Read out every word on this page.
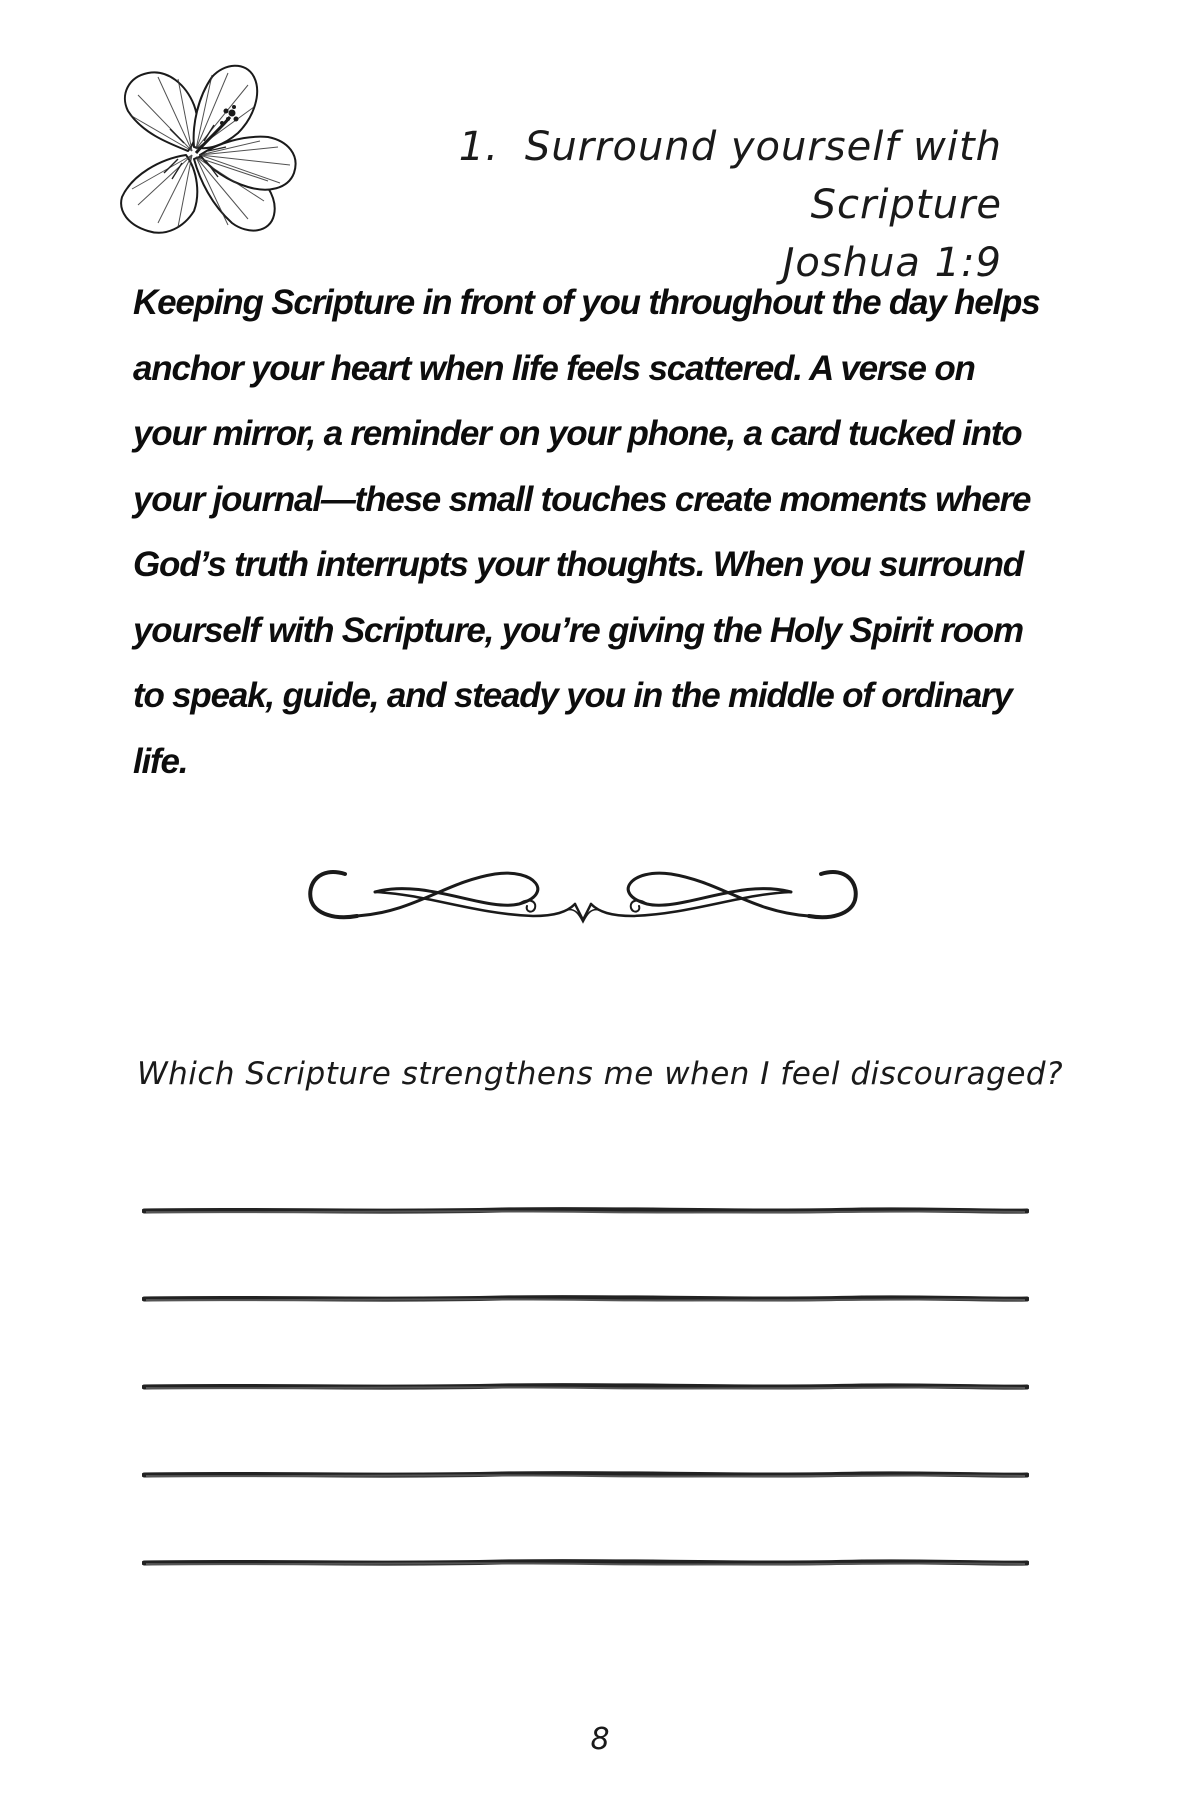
1. Surround yourself with Scripture
Joshua 1:9

Keeping Scripture in front of you throughout the day helps anchor your heart when life feels scattered. A verse on your mirror, a reminder on your phone, a card tucked into your journal—these small touches create moments where God’s truth interrupts your thoughts. When you surround yourself with Scripture, you’re giving the Holy Spirit room to speak, guide, and steady you in the middle of ordinary life.

Which Scripture strengthens me when I feel discouraged?
8
